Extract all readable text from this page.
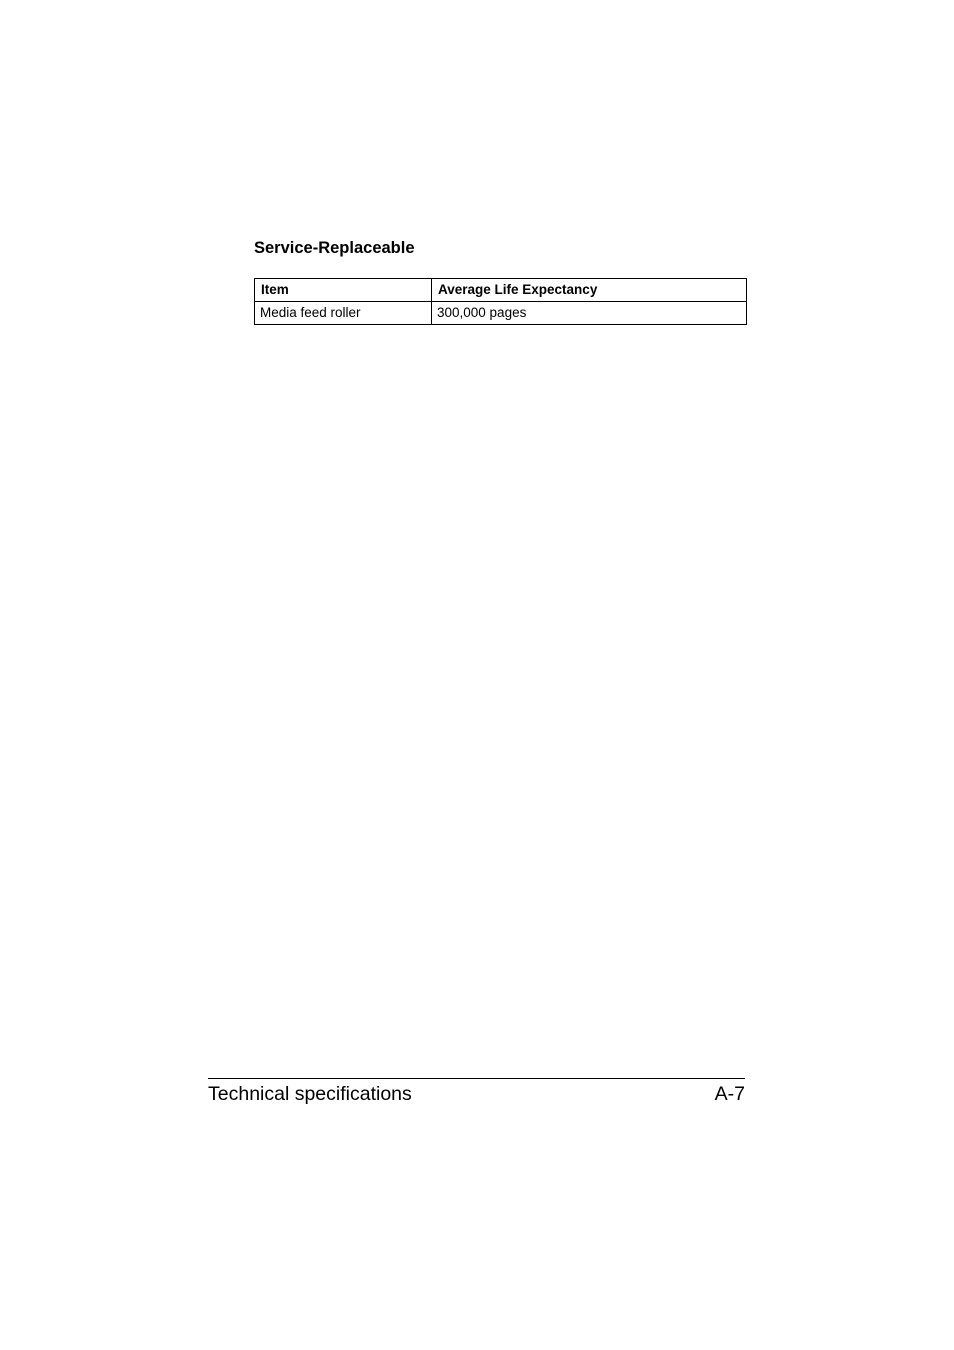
Service-Replaceable
Item	Average Life Expectancy
Media feed roller	300,000 pages
Technical specifications	A-7
